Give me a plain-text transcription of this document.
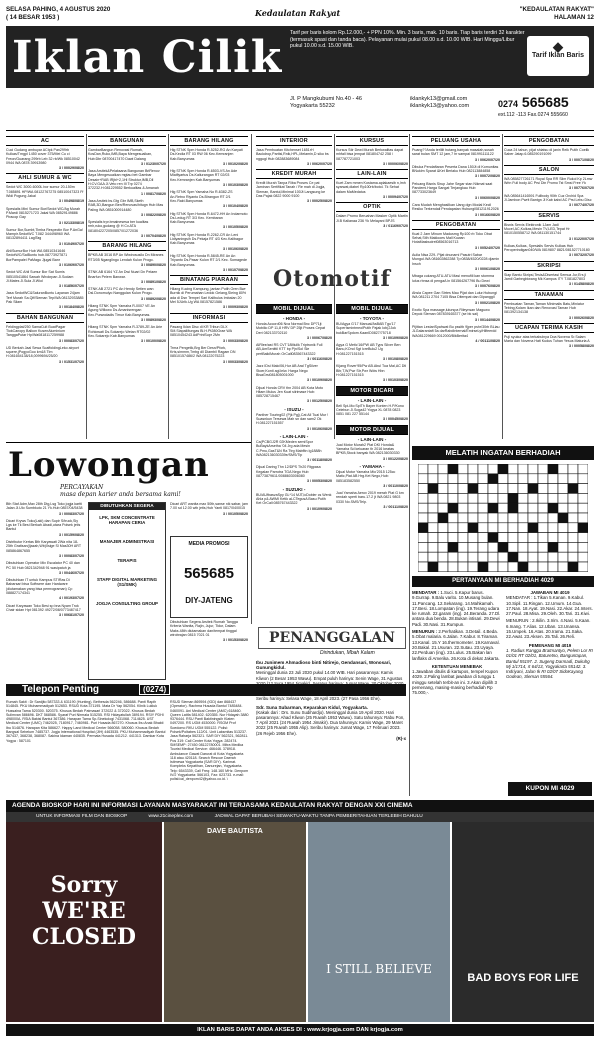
SELASA PAHING, 4 AGUSTUS 2020
( 14 BESAR 1953 )	Kedaulatan Rakyat	"KEDAULATAN RAKYAT"
HALAMAN 12
Iklan Cilik Tarif per baris kolom Rp.12.000,- + PPN 10%. Min. 3 baris, mak. 10 baris. Tiap baris terdiri 32 karakter (termasuk spasi dan tanda baca). Pelayanan mulai pukul 08.00 s.d. 10.00 WIB. Hari Minggu/Libur pukul 10.00 s.d. 15.00 WIB.	◆
Tarif Iklan Baris
Jl. P Mangkubumi No.40 - 46
Yogyakarta 55232
iklankyk13@gmail.com
iklankyk13@yahoo.com	0274 565685
ext.112 -113 Fax.0274 555660
AC

Cuci Gudang ambuyar ACtpk Pan299rb Kulkas/Tmgpl 1450 cover 375/Mei Cu ci Freon/Guarang 299rb Leb 32 rb/Wk 08510042 0944 WA 0878 39913980

3 / 00029/08/20
AHLI SUMUR & WC

Sedot WC 3000-6000L bor sumur 20-150m T.085891 HP/WA 08122767275 08510047323 Ff Widi Pogung Jakal

3 / 00498/08/19

Spesialis Mini Sumur Bor/Sedot WC/Ag Murah P.Mardi 0815271723 Jakal WA 08529149886 Piracop Gay

3 / 02133/08/19

Sumur Bor,Sumbt,Timba Respectin Bor P.AnGa! Mampir.SedotWC T.082 344498960 WA 08132894411 LagiTag

3 / 01049/07/20

AhliSumurBor Hub WA 08510341646 SedotWC/SalBuntu hub.0877392T871 BorPampalei PaMagu Jjugal Banr

3 / 01069/07/20

Sedot WC Ahli Sumur Bor Sat Sumis 08510541864 Sawah Wirokrpan Jl.Sodam Jl.Mates Jl.Sula Jl.Wiol

3 / 01856/07/20

Jasa SedotWC&SaluranBuntu Layanan 24jam Terf Murah Sa.Qif/Sleman Tep/WA 08132933885 Pak Silam

3 / 00184/08/20
BAHAN BANGUNAN

Feldingplat/250 SamaCuit BuatPagar TiokCanopy Balkon KusenAluminium TanggaPutar Hp/Wa0818117259988

3 / 00083/07/20

UD Berkah Jaal Sewa ScaffoldingLeko airport squere,jPogyoGoo km18 Tlm H.081654138/18,0099694/25/20

3 / 01531/07/20
BANGUNAN

GambarBangun Renovasi Rumah, KosDan,Ruko,IMB,Baya Mengesuaikan, Hub:Dbr 08700417470 Dawi Dalang

3 / 01230/07/20

Jasa Arsitek&Pelaksana Bangunan BriRenov Baya Mengesuaikan mgtau bet Gambar Desain+RAB IRjbl+2,1Hl Struktur,IMB,Dll H:CV.GAA Jl.Veto ren III Trp 0274 372232.H:081229552 Berkualitas & Amanah

1 / 00817/08/20

Jasa Arsitek bs.Gtg Gbr IMB,Sketh RAB,3D,Bangun Ben/Renovas/hitugn Hub Mas Paling WA 0851000914480

3 / 00822/08/20

Spesialis trpr.bmalnesesa ber kualitas rmh,ruko,gudang @ H Cv.ATA 081804227205/0857/01272036

3 / 00704/08/20
BARANG HILANG

BPKB AB 3016 BP An Wiwirosusilo Dn Miranes RT3/05 Nganglingo Lendah Kulon Progo.

3 / 00890/08/20

STNK AB 6164 YZ An Dwi Nuari Dn Pelaen Bnarfun Pelem Banwar.

3 / 00891/08/20

STNK AB 2721 PC An Hendy Setien wan Dsl.Donomulyo Nanggulan Kulon Progo.

3 / 00892/08/20

Hilang STNK Spm Yamaha R-0007 VE An Agung Willowo Ds.Amanisrengan Kec.Purwodadis Timur Kab.Banyumas.

3 / 00893/08/20

Hilang STNK Spm Yamaha R-3789-ZE An Arie Rohiowati Ds.Sokarejo Wetan RT02/02 Kec.Sokarejo Kab.Banyumas

3 / 00100/08/20
BARANG HILANG

Hlg STNK Spm Honda R-5252-RG An Karyati Ds.Kecila RT 03 RW 06 Kec.Kemranjen Kab.Banyumas

3 / 00102/08/20

Hlg STNK Spm Honda R-6503-VS An Ade Miaifiyartus Ds.Kaliurangan RT 02/03 Kec.Kemranjen Kab.Banyumas

3 / 00103/08/20

Hlg STNK Spm Yamaha No R-6382-ZS An.Retno Riyanto Ds.Birangun RT 2/1 Kec.Rakt.Banyumas

3 / 00104/08/20

Hlg STNK Spm Honda R-6472-HH An Indarmoto Ds.Ledug RT 3/3 Kec. Kembaran Kab.Banyumas

3 / 00105/08/20

Hlg STNK Spm Honda R-2262-CR An Leni Lidiyaningsih Ds.Pekaja RT 4/3 Kec.Kalibagor Kab.Banyumas

3 / 00106/08/20

Hlg STNK Spm Honda R-5845-RE An An Triyanto Ds.Pasar Kulon RT 2/1 Kec. Somagede Kab.Banyumas.

3 / 00107/08/20
BINATANG PIARAAN

Hilang Kucing Kampung, jantan Putih Oren Bwr Burnik di Perumahan Ledok Gelang,Sleing 80% ada di Dsn Tempel Sari Kalibulus Imbalan 20 Mei 5JUrlk.Ug WA 08157821586

3 / 00093/08/20
INFORMASI

Pasang Iklan Disc di KR Tribun DLX SM.SiapaiMungas Bl.H.Pt280Grae WA 08510454243 AdPriniSupr 2Mn

3 / 00033/08/20

Trma Pengetik,Brg Ber Desn/Pfork, Krts,simmm,Tmbg dll Diambil Ragam DN 08510157486/2 WA 08122075223

3 / 00033/08/20
INTERIOR

Jasa Pembuatan Kitchenset 1651rH Backdrop,Partisi,Rnik,HPL,Melamin,D siko bs nggugl Hub 082883689084

3 / 00620/07/20
KREDIT MURAH

Kredit Murah Tanpa Riba Proses Ce pat Jaminan Sertifikat Tanah / Re mah di Jogja, Sleman, Bantul,Minimal 100Jt Langsung ke Das Pajak 0822 9000 9100

3 / 00025/08/20
KURSUS

Kursus Stir Dewi Murah Berkwalitas dapat mhfall bisa jempat 081804742 258 / 087787721003

3 / 00006/08/20
LAIN-LAIN

Kuet Zam mmen Kostama.aplakaesib n,lmh syarwat,diabel Rp100rb/botol. Tk Sehat dalam MaMedatus

3 / 00094/07/20
OPTIK

Dalam Promo Beruahan Masker Optik Martin Jl.B Kalianaa 236 Yk Melayani BPJS

3 / 01169/07/20
PELUANG USAHA

Puang??Anda terlilit hutang,banyak masalah,susah sarat bulan SMT 12 jam,7 hr sampai 081991111122

3 / 00620/07/20

Dibuka Pendaftaran Peserta Dana 150Jt di Komunitas BNuklm Syarat &Ket Berlaku Hub 082113884858

3 / 00072/08/20

Peluang Bisnis Sirup Jahe Segar stan Nikmat saat Pandemi.Harga Sangat Terjangkau Hub 087733023649

3 / 00600/08/20

Cara Mudah Menghasilkan Uang dgn Modal Kecil Resiko Terkendali Pendapatan Hubungi081211912026

3 / 00166/08/20
PENGOBATAN

Kuat 2 Jam Minum Madusmg Rp100 rb Toko Obat Sehat,Stlh Maklooes Mall Kuwan HotaMasbudrel08563016713

3 / 00524/07/20

Aulia Nisa 229- Pijat dnunarni Pasutri Sabar MunguI.WA 081602862288 Tp:0838/4520/0228 djamin Insoh

3 / 00061/08/20

Mbaga cukang ATU-ATU Masi menufili kan stomma lulus rbnsa di pengaA ln 081564267796 Bu Dewi

3 / 00076/08/20

Ahsla Capee Gan Strtes Mau Pijat dan Lulur.Hubungi WA 081211 2704 7105 Bisa Ditempat dan Dipanggil

3 / 00021/08/20

Exotic Spa massage,lulurspa Rileynsan Maguwo Depok Sleman 087839165377 (se bk sai)

3 / 00144/08/20

Pijittan LestariSyahwat Bu pssitb 9jper pshr/30rb BLiau JLGalarantaft 5a darRabdInternal/EmirseLyiHilfeerdd WA081229669 0012000/BlkBerita4

4 / 00111/08/20
PENGOBATAN

Cuca 24 tahun, pijat shiatsu di janin Reik Putih Coelik Saber Jatap.6.085290191099

3 / 00071/08/20
SALON

WA 085827726171 Royal Spa RR Slim Rukol Kp 2Lmw Wrin Full body AC Prsi Din Promo Tst Smsi Free Yk

3 / 00776/07/20

WA 085641416591 Fullbody 90th Cuz Orchid Spa Jl.Jambon Pwrit Bantgn Jl Kab kabd AC Prsi Lebu Disc

3 / 00774/07/20
SERVIS

Bisnis Servis Elektronik 1Jam Jadi Mucel,AC,Kulkas,Mesin TV,LED,Tepat Hr 0810150558712 WA 081130151744

3 / 01220/07/20

Kulkas,Kulkas, Spesialis Servis Kulkas Hub Peroperindigan040/WA 0819807 8821/081527710180

3 / 00732/07/20
SKRIPSI

Siap Bantu Skripsi,Tesis&Disertasi Semua Jur,Ers jl Jamil Garbngbiwang Mk Kampus ITY T.081827803

3 / 01458/08/20
TANAMAN

Pembuatan Taman,Taman Minimalis Batu,Miniatur Tebing,Kolam Ikan dan Renovasi Taman Hub 081392134138

3 / 00026/08/20
UCAPAN TERIMA KASIH

Puji syukur atas terkabulnya Doa Novena Sr.Salam Maria dan Novena Hati Kudus Tuhan Yesus Maturia A

3 / 00058/08/20
Otomotif
MOBIL DIJUAL
- HONDA -

Honda Accord06 Nva Normal Bnc DP71jt Mobilio DP 11,8 HRV DP 25jt Proses Cepat Deri 082133702110

3 / 00067/08/20

AIRlee/ast RS CVT'18Mullk Triptronik Full AB,AmSenittil KTT bp Pjn/Sol Sle pertBaikIMurah OrCall083567443322

3 / 00116/08/20

Jazz IDsi Malc/06,Hur AB Aral TgSilver Stoer,Konti agl.lelw. Harga Nego BisaGrsi081805001000

3 / 00109/08/20

Dijual Honda CRV thn 2004 AB Kota Moto Hitam Mulus Jen Kuat siirimase Hub: 085728715467

3 / 00125/08/20
- ISUZU -

Panther Touring02 (Pjk Pgj),Cat All Tuai Mur ! Suasnkun Tersewa Mah sn dan sam2 Ok H.081227151557

3 / 00106/08/20
- LAIN-LAIN -

Ca(PCBGJ2R 02KMeden semiSpor BuBaykArsetha '04 Jrg ada Mesin C.Pmu,GasT&N Ra Ttrg Mabfltn Ig1888h WA082136030339e/SMS/Tip

3 / 00118/08/20

Dijual Daring Thn 12/DPS Th20 Rtgpasa Kegalan Parrotra TGA Nego Hub 08773879611/0088603006080

3 / 00053/08/20
- SUZUKI -

BU/AUfbasvaSpy GL*14 MJT,lcDobler cs Wenk Ahla p& AWMI Ketik aLCTegusA Basu Putih Ket OrCall:085767443322

3 / 00109/08/20
MOBIL DIJUAL
- TOYOTA -

BU/Agya G'17 Manual/AsBAB Tgu'17 SuperIsmintmeolPutih Pajak Iob(2Jok bukBarSpdom.KaanID0827/75718

3 / 00109/08/20

Agya G Metic'16/PW AB Typs Silver Ben Banu,KOnd Sgt IcreBulu2 Ug H:081227151515

3 / 00108/08/20

Kijang Rover'95/Pw AB.Abul Tua Mal,AC Dtl Bltr,T,W,Pwr Str,Pwr Wdw Hbn H:081227151515

3 / 00103/08/20
MOTOR DICARI
- LAIN-LAIN -

Beli Spi-Mo:SpiTh Bayer Konten H.P/Kono Celebun Jl.Soga42 Yogya XL 0878 0823 0851 081 227 55144

3 / 00045/08/20
MOTOR DIJUAL
- LAIN-LAIN -

Jual Motor Murah2 Plat DKI Honda& Yamaha Sd keluaran th 2016 keatas BPKB,Stock banyak WA 082136030330

3 / 00122/08/20
- YAMAHA -

Dijual Motor Yamaha Mio'2015 125cc Matic,Plat AB Hrg.Ket Nego,Hub: 085183582550

3 / 00110/08/20

Jual Yamaha Aerox 2019 merah Plat G km rendah sperti baru.17.2 jt WA 0821 9803 0330 No.SMS/Telp.

3 / 00111/08/20
Lowongan
PERCAYAKAN
masa depan karier anda bersama kami!

Bth Staf Adm,Max 28th Dtg,Lsg Toko jogja kartti Jalan Jl.Ulo Sumbkuto 21 Yk.Hub 0857/04/5438

3 / 00083/07/20

Dicari Kryws Toko(Laki) dan Supir S/truck,Siy Lgs ke Tk Besi Berkah Abadi,utara Polsek jetis Bantul

3 / 00159/08/20

Distributor Kertas Bth Karyawati 2Wa nita 18-25th Gratisan(Ijazah,Wb)0sige Sl Mas30H ART 085864867655

3 / 00083/07/20

Dibutuhkan Operator Mix Escalator PC 40 dan PC 50 Hub 0821342948 91 wasipatuh ja

3 / 00446/07/20

Dibutuhkan IT untuk Kampus STIRas Di Babarsari bisa Softwere dan Hardware (diutamakan yang bisa pemrograman) Cp 088827174341

4 / 00193/07/20

Dicari Karyawan Toko Besi sp bna Nyam Trok Chair sidan Hpt 081392 49272/08/0773487417

3 / 00681/07/20
DIBUTUHKAN SEGERA
LPK, SKM CONCENTRATE HARAPAN CERIA
MANAJER ADMINISTRASI
TERAPIS
STAFF DIGITAL MARKETING (S1/SMK)
JOGJA CONSULTING GROUP
MEDIA PROMOSI
565685
DIY-JATENG

Dicari ART wanita max 50th,sanse nik sabar, jam 7.00 sd 12.00 wib jetis,Hub Yanti 0817/04/0015

3 / 00105/08/20

Dibutuhkan Segera Arsitek Rumah Tangga Kriteria Wanita, Rajin, Jujur, Tidur, Dalam. Maks.48th diutamakan dan/tempat tinggal wirobrajan 0815 7021 01

3 / 00153/08/20	PENANGGALAN
Dirindukan, Mbah Kalam
Ibu Junimem Ahmadioso binti Nitirejo, Gendansari, Wonosari, Gunungkidul.
Meninggal dunia 23 Juli 2020 pukul 14.00 WIB. Hari pasarannya: Kamis Kliwon (2 Besar 1953 Wawu). Empat puluh harinya: Senin Wage, 31 Agustus Seribu harinya: Selasa Wage, 18 April 2023. (27 Pasa 1956 Ehe).
Sdr. Suna Subarman, Keparakan Kidul, Yogyakarta.
(Kakak dari : Drs. Sunu Sudihardjo). Meninggal dunia 19 April 2020. Hari pasarannya: Ahad Kliwon (25 Ruwah 1953 Wawu). Satu tahunnya: Rabu Pon, 7 April 2021 (24 Ruwah 1954 Jimakir). Dua tahunnya: Kamis Wage, 29 Maret 2022 (25 Ruwah 1955 Alip). Seribu harinya: Jumat Wage, 17 Februari 2023. (26 Rejeb 1956 Ehe).
(R)-x
Telepon Penting	(0274)
Rumah Sakit : Dr Sardjito 587333 & 631190 (Hunting). Bethesda 562246, 586688. Panti Rapih 514845. PKU Muhammadiyah 512653. RSUD Kota 371195. Mata Dr Yap 562054. Klinik Lukluk Hussaina Tama 520300. 520375. Khusus Bedah Patmasari 372022 & 372022. Khusus Bedah Sulimvan 586696. DKT 568586. Syaraf Puri Nirmala 515255. RSI Hidayatullah 389194. RSIY PDHI 498000A. RSIA Bakisi Bantul 367386. Harapan Tama Sp-Sinekologi 7431068. 7114625. UST Medical Center (UMC) 7462025, 7180917, 7460981. Puri Husada 867270. Khusus Ibu Anak Bhakti Ibu 514876. Harapan Kita 586627. Happy Land Medical Center 566058. 580060. Khusus Bedah Bangsal Sebelum 7485737. Jogja International Hospital (JIH) 4463535. PKU Muhammadiyah Bantul 367437, 368238, 368087. Sakina Idaman 440835. Permata Husada 441212. 441313. Damkar Kota Yogya : 587101
RSUD Sleman 869594 (IGD) dan 868437 (Operator). Rachma Husada Bantul 7485484. 0460091. Ani Medical Center (AMC) 618460. Queen Latifa 581402. 620355. Nur Hidayah 3880 9376444. RSU Panti Baktiningsih Klaten 0497200. RS UGM 4530000. RSGM Prof Soedomo RKU UGM 555122. Polisi: Polsek/Poltabes 112/01. Unit Laksmitas 513237. Jasa Raharja 562321. SAR DIY 562321, 562811. Pos 319: Call Center Kota Yogya: 282474. SMSEMP: 27450 08122780001. Mitra Medika Tourist Medical Service: 466446. 378918. Ambulance Gawat Darurat di Kota Yogyakarta 118 atau 420118. Search Rescue Daerah Istimewa Yogyakarta (SAR DIY). Karimat. Kompleks Kepatihan, Danurejan, Yogyakarta. Telp: 6543339, Call Freq: 148.160 MHz. Denpom IV/2 Yogyakarta: 566103, Fax: 623733. e-mail: polisi/cal_denpom42@yahoo.co.id. \
MELATIH INGATAN BERHADIAH
PERTANYAAN MI BERHADIAH 4029
MENDATAR : 1.Suci. 5.Kapur barus. 9.Gurrap. 9.Balu varito. 10.Musang bulan. 11.Pancang. 12.Sekarang. 14.Mahkamah. 17.Besi. 18.Lompatan (ing). 19.Terang udara ke rumah. 22.garam (ing). 24.Beranda. 27.Dl. antara dua benda. 28.Bukan intisari. 29.Dewi Padi. 30.Nasi. 31.Rumpun.
MENURUN : 2.Perhatikan. 3.Detail. 4.Beda. 5.Obat malaria. 6.Jalan. 7.Kabur. 8.Tiraman. 13.Kanal. 15.Y 16.thermometer. 19.Karnaval. 20.Bakal. 21.Usuran. 22.Sutau. 23.Uyaya. 22.Perduan (ing). 23.Lulus. 25.Bakan lan lanflaks di Amerika. 26.Kota di dekat Jakarta.
KETENTUAN MENEBAK
1.Jawaban ditulis di kartupos, tempel Kupon 4029. 2.Paling lambat jawaban di tunggu 1 minggu setelah terbit-an ini. 3.Akan dipilih 3 pemenang, masing-masing berhadiah Rp 75.000,-.
JAWABAN MI 4019
MENDATAR : 1.Tikan 5.Kanan. 9.Kabul. 10.Sipil. 11.Ringan. 12.Umum. 14.Gua. 17.Nan. 18.Ayat. 19.Nasi. 22.Akar. 24.Inters. 27.Paul. 28.Misa. 29.Oleh. 30.Tari. 31.Kiwi.
MENURUN : 2.Ikilin. 3.Irim. 4.Nasi. 5.Kaan. 6.Inang. 7.Alias. 12.Uban. 13.Unansa. 15.Umpek. 16.Atas. 20.Irama. 21.Saka. 22.Awat. 23.Aksen. 25.Tali. 26.Reli.
PEMENANG MI 4019
1. Radius Rangga Bratmantyo, Pelem Lor RI 01/01 RT 02/01, Baturetno, Banguntapan, Bantul 55197. 2. Sugeng Darmadi, Dukuhg Mj 1/1714, rt 64/13, Yogyakarta 55142. 3. Indriyani, Jalan Ik RI 02/07 SidoKayang Godean, Sleman 55564.
KUPON MI 4029
AGENDA BIOSKOP HARI INI INFORMASI LAYANAN MASYARAKAT INI TERJASAMA KEDAULATAN RAKYAT DENGAN XXI CINEMA
UNTUK INFORMASI FILM DAN BIOSKOP	www.21cineplex.com	JADWAL DAPAT BERUBAH SEWAKTU-WAKTU TANPA PEMBERITAHUAN TERLEBIH DAHULU
Sorry WE'RE CLOSED
DAVE BAUTISTA
I STILL BELIEVE
BAD BOYS FOR LIFE
IKLAN BARIS DAPAT ANDA AKSES DI : www.krjogja.com DAN krjogja.com
